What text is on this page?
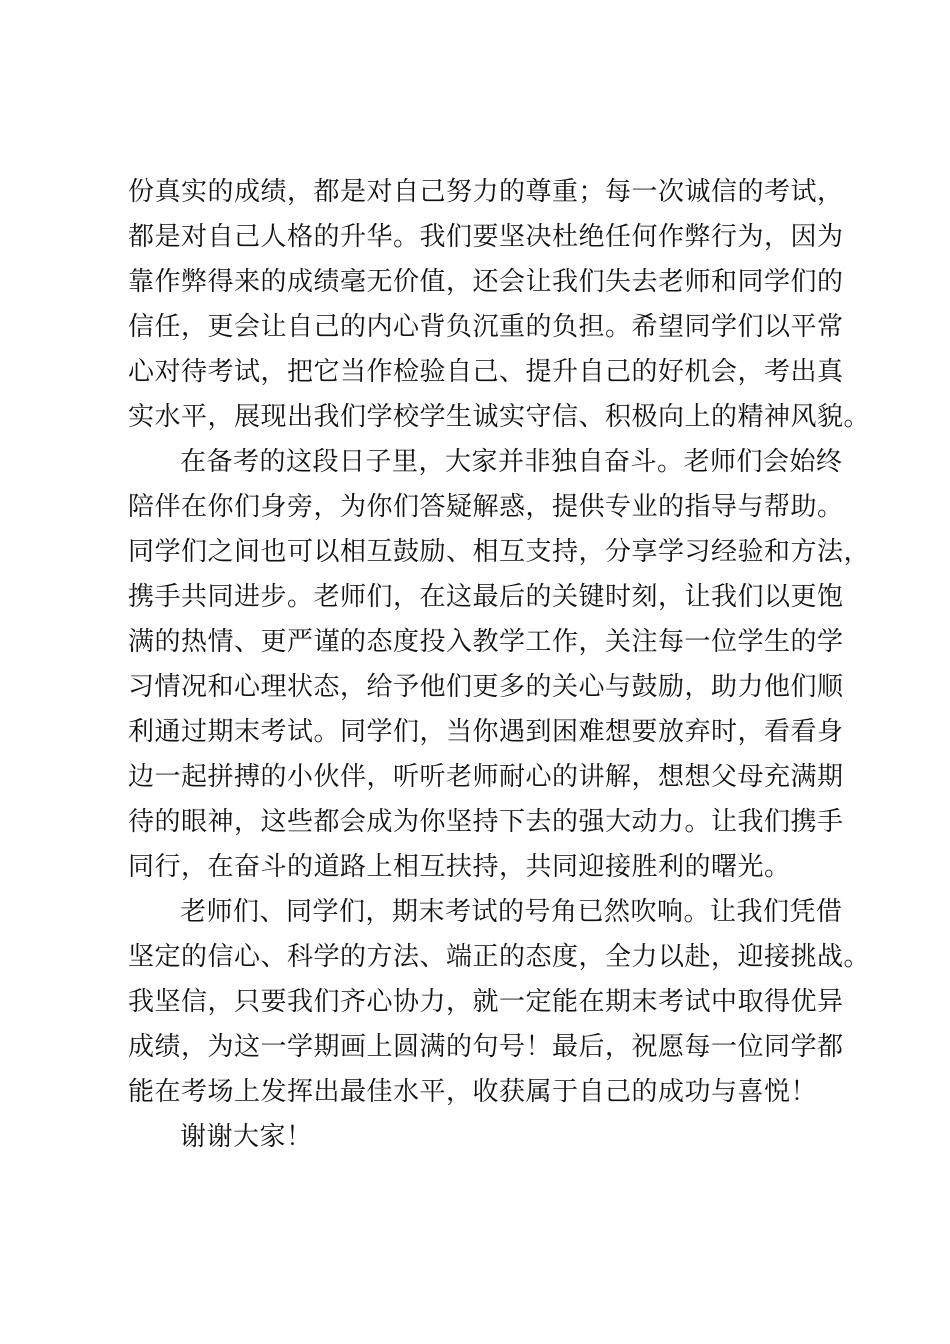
份真实的成绩，都是对自己努力的尊重；每一次诚信的考试，
都是对自己人格的升华。我们要坚决杜绝任何作弊行为，因为
靠作弊得来的成绩毫无价值，还会让我们失去老师和同学们的
信任，更会让自己的内心背负沉重的负担。希望同学们以平常
心对待考试，把它当作检验自己、提升自己的好机会，考出真
实水平，展现出我们学校学生诚实守信、积极向上的精神风貌。
在备考的这段日子里，大家并非独自奋斗。老师们会始终
陪伴在你们身旁，为你们答疑解惑，提供专业的指导与帮助。
同学们之间也可以相互鼓励、相互支持，分享学习经验和方法，
携手共同进步。老师们，在这最后的关键时刻，让我们以更饱
满的热情、更严谨的态度投入教学工作，关注每一位学生的学
习情况和心理状态，给予他们更多的关心与鼓励，助力他们顺
利通过期末考试。同学们，当你遇到困难想要放弃时，看看身
边一起拼搏的小伙伴，听听老师耐心的讲解，想想父母充满期
待的眼神，这些都会成为你坚持下去的强大动力。让我们携手
同行，在奋斗的道路上相互扶持，共同迎接胜利的曙光。
老师们、同学们，期末考试的号角已然吹响。让我们凭借
坚定的信心、科学的方法、端正的态度，全力以赴，迎接挑战。
我坚信，只要我们齐心协力，就一定能在期末考试中取得优异
成绩，为这一学期画上圆满的句号！最后，祝愿每一位同学都
能在考场上发挥出最佳水平，收获属于自己的成功与喜悦！
谢谢大家！
